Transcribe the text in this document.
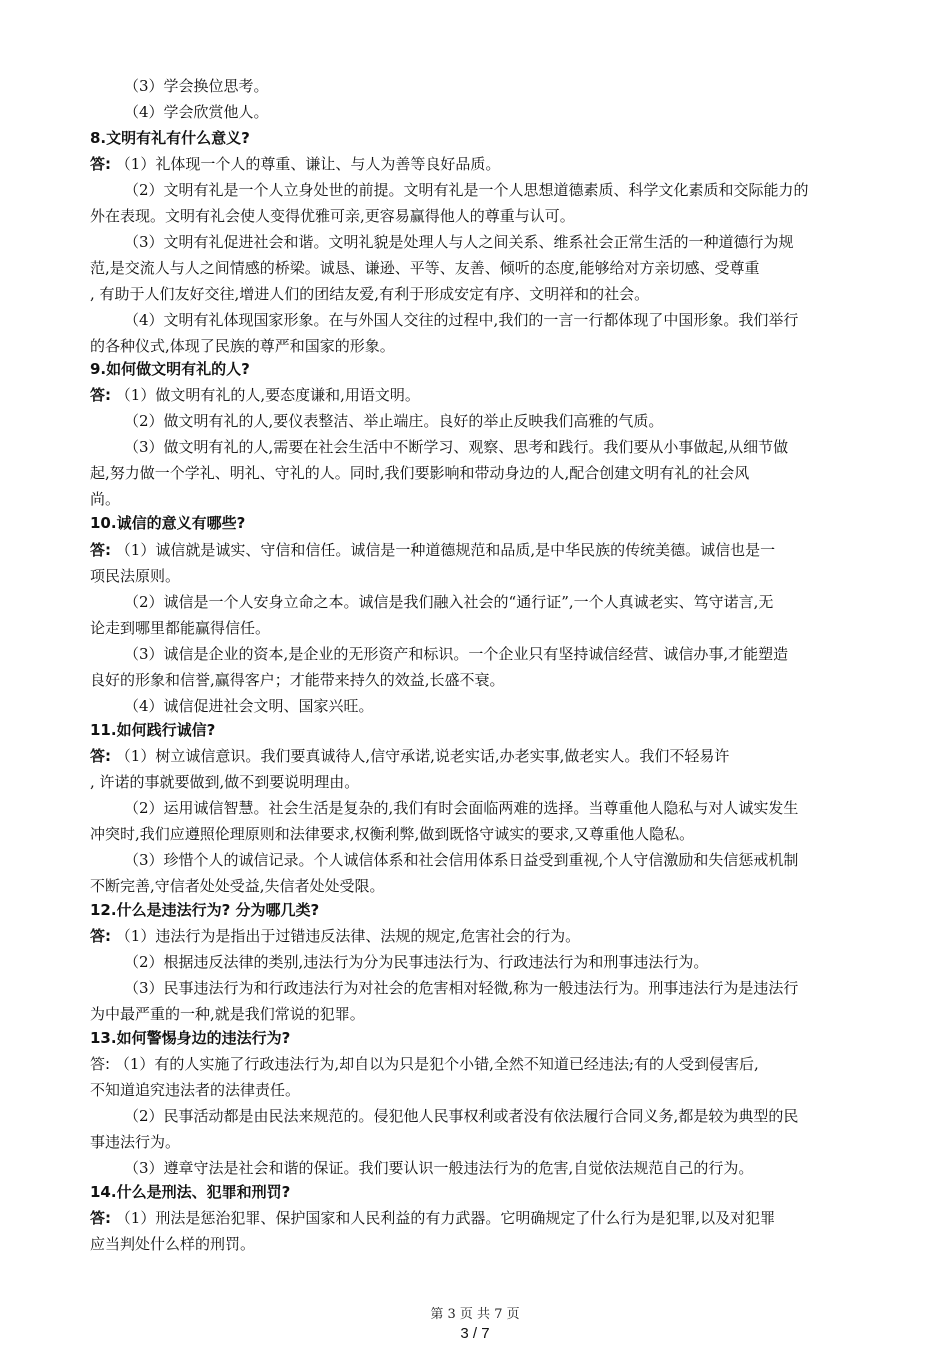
（3）学会换位思考。
（4）学会欣赏他人。
8.文明有礼有什么意义?
答: （1）礼体现一个人的尊重、谦让、与人为善等良好品质。
（2）文明有礼是一个人立身处世的前提。文明有礼是一个人思想道德素质、科学文化素质和交际能力的
外在表现。文明有礼会使人变得优雅可亲,更容易赢得他人的尊重与认可。
（3）文明有礼促进社会和谐。文明礼貌是处理人与人之间关系、维系社会正常生活的一种道德行为规
范,是交流人与人之间情感的桥梁。诚恳、谦逊、平等、友善、倾听的态度,能够给对方亲切感、受尊重
, 有助于人们友好交往,增进人们的团结友爱,有利于形成安定有序、文明祥和的社会。
（4）文明有礼体现国家形象。在与外国人交往的过程中,我们的一言一行都体现了中国形象。我们举行
的各种仪式,体现了民族的尊严和国家的形象。
9.如何做文明有礼的人?
答: （1）做文明有礼的人,要态度谦和,用语文明。
（2）做文明有礼的人,要仪表整洁、举止端庄。良好的举止反映我们高雅的气质。
（3）做文明有礼的人,需要在社会生活中不断学习、观察、思考和践行。我们要从小事做起,从细节做
起,努力做一个学礼、明礼、守礼的人。同时,我们要影响和带动身边的人,配合创建文明有礼的社会风
尚。
10.诚信的意义有哪些?
答: （1）诚信就是诚实、守信和信任。诚信是一种道德规范和品质,是中华民族的传统美德。诚信也是一
项民法原则。
（2）诚信是一个人安身立命之本。诚信是我们融入社会的“通行证”,一个人真诚老实、笃守诺言,无
论走到哪里都能赢得信任。
（3）诚信是企业的资本,是企业的无形资产和标识。一个企业只有坚持诚信经营、诚信办事,才能塑造
良好的形象和信誉,赢得客户；才能带来持久的效益,长盛不衰。
（4）诚信促进社会文明、国家兴旺。
11.如何践行诚信?
答: （1）树立诚信意识。我们要真诚待人,信守承诺,说老实话,办老实事,做老实人。我们不轻易许
, 许诺的事就要做到,做不到要说明理由。
（2）运用诚信智慧。社会生活是复杂的,我们有时会面临两难的选择。当尊重他人隐私与对人诚实发生
冲突时,我们应遵照伦理原则和法律要求,权衡利弊,做到既恪守诚实的要求,又尊重他人隐私。
（3）珍惜个人的诚信记录。个人诚信体系和社会信用体系日益受到重视,个人守信激励和失信惩戒机制
不断完善,守信者处处受益,失信者处处受限。
12.什么是违法行为? 分为哪几类?
答: （1）违法行为是指出于过错违反法律、法规的规定,危害社会的行为。
（2）根据违反法律的类别,违法行为分为民事违法行为、行政违法行为和刑事违法行为。
（3）民事违法行为和行政违法行为对社会的危害相对轻微,称为一般违法行为。刑事违法行为是违法行
为中最严重的一种,就是我们常说的犯罪。
13.如何警惕身边的违法行为?
答: （1）有的人实施了行政违法行为,却自以为只是犯个小错,全然不知道已经违法;有的人受到侵害后,
不知道追究违法者的法律责任。
（2）民事活动都是由民法来规范的。侵犯他人民事权利或者没有依法履行合同义务,都是较为典型的民
事违法行为。
（3）遵章守法是社会和谐的保证。我们要认识一般违法行为的危害,自觉依法规范自己的行为。
14.什么是刑法、犯罪和刑罚?
答: （1）刑法是惩治犯罪、保护国家和人民利益的有力武器。它明确规定了什么行为是犯罪,以及对犯罪
应当判处什么样的刑罚。
第 3 页 共 7 页
3 / 7
